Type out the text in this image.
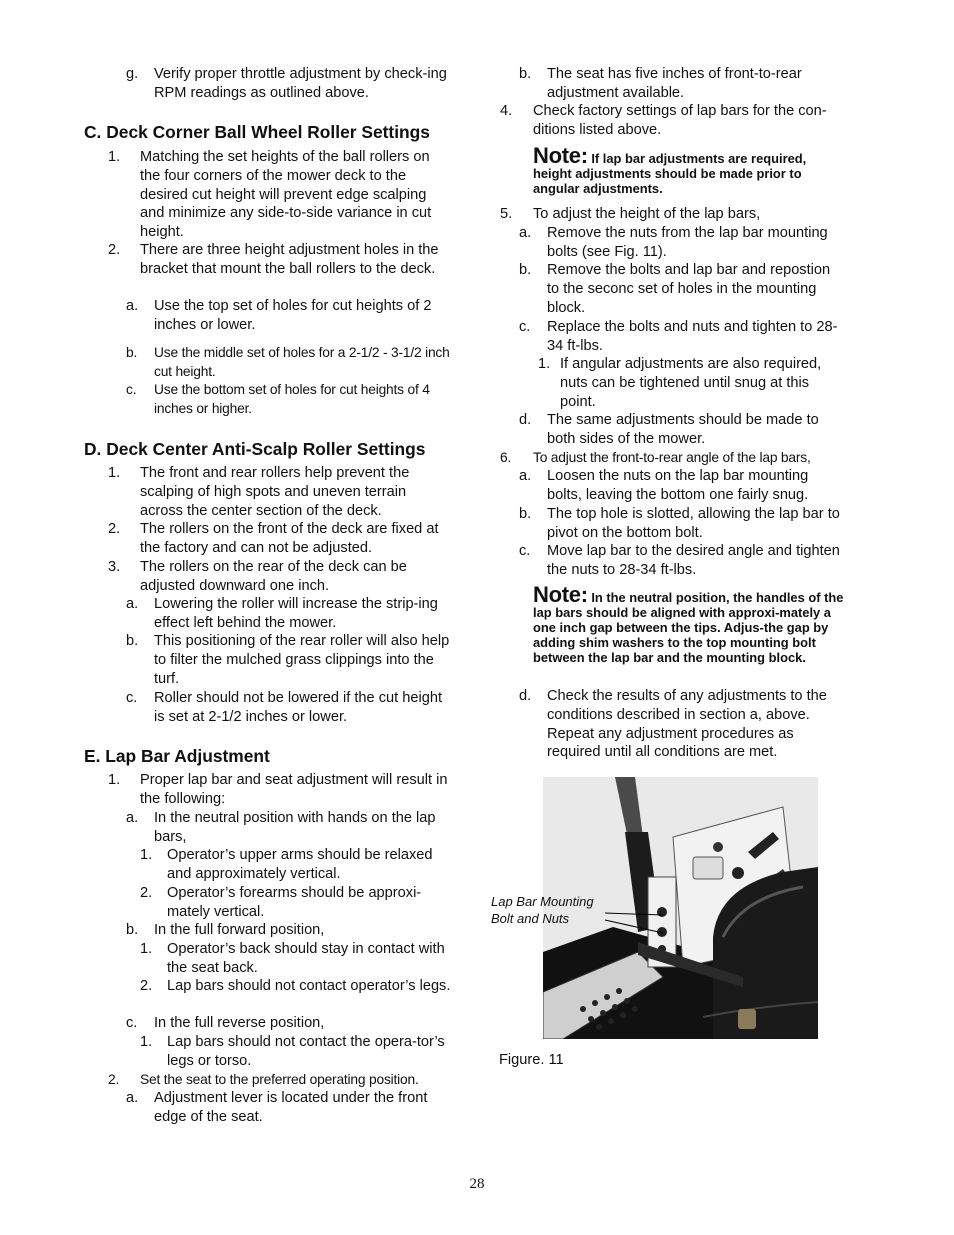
g. Verify proper throttle adjustment by check-ing RPM readings as outlined above.
C. Deck Corner Ball Wheel Roller Settings
1. Matching the set heights of the ball rollers on the four corners of the mower deck to the desired cut height will prevent edge scalping and minimize any side-to-side variance in cut height.
2. There are three height adjustment holes in the bracket that mount the ball rollers to the deck.
a. Use the top set of holes for cut heights of 2 inches or lower.
b. Use the middle set of holes for a 2-1/2 - 3-1/2 inch cut height.
c. Use the bottom set of holes for cut heights of 4 inches or higher.
D. Deck Center Anti-Scalp Roller Settings
1. The front and rear rollers help prevent the scalping of high spots and uneven terrain across the center section of the deck.
2. The rollers on the front of the deck are fixed at the factory and can not be adjusted.
3. The rollers on the rear of the deck can be adjusted downward one inch.
a. Lowering the roller will increase the strip-ing effect left behind the mower.
b. This positioning of the rear roller will also help to filter the mulched grass clippings into the turf.
c. Roller should not be lowered if the cut height is set at 2-1/2 inches or lower.
E. Lap Bar Adjustment
1. Proper lap bar and seat adjustment will result in the following:
a. In the neutral position with hands on the lap bars,
1. Operator’s upper arms should be relaxed and approximately vertical.
2. Operator’s forearms should be approxi-mately vertical.
b. In the full forward position,
1. Operator’s back should stay in contact with the seat back.
2. Lap bars should not contact operator’s legs.
c. In the full reverse position,
1. Lap bars should not contact the opera-tor’s legs or torso.
2. Set the seat to the preferred operating position.
a. Adjustment lever is located under the front edge of the seat.
b. The seat has five inches of front-to-rear adjustment available.
4. Check factory settings of lap bars for the con-ditions listed above.
Note: If lap bar adjustments are required, height adjustments should be made prior to angular adjustments.
5. To adjust the height of the lap bars,
a. Remove the nuts from the lap bar mounting bolts (see Fig. 11).
b. Remove the bolts and lap bar and repostion to the seconc set of holes in the mounting block.
c. Replace the bolts and nuts and tighten to 28-34 ft-lbs.
1. If angular adjustments are also required, nuts can be tightened until snug at this point.
d. The same adjustments should be made to both sides of the mower.
6. To adjust the front-to-rear angle of the lap bars,
a. Loosen the nuts on the lap bar mounting bolts, leaving the bottom one fairly snug.
b. The top hole is slotted, allowing the lap bar to pivot on the bottom bolt.
c. Move lap bar to the desired angle and tighten the nuts to 28-34 ft-lbs.
Note: In the neutral position, the handles of the lap bars should be aligned with approxi-mately a one inch gap between the tips. Adjus-the gap by adding shim washers to the top mounting bolt between the lap bar and the mounting block.
d. Check the results of any adjustments to the conditions described in section a, above. Repeat any adjustment procedures as required until all conditions are met.
Lap Bar Mounting
Bolt and Nuts
Figure. 11
28
